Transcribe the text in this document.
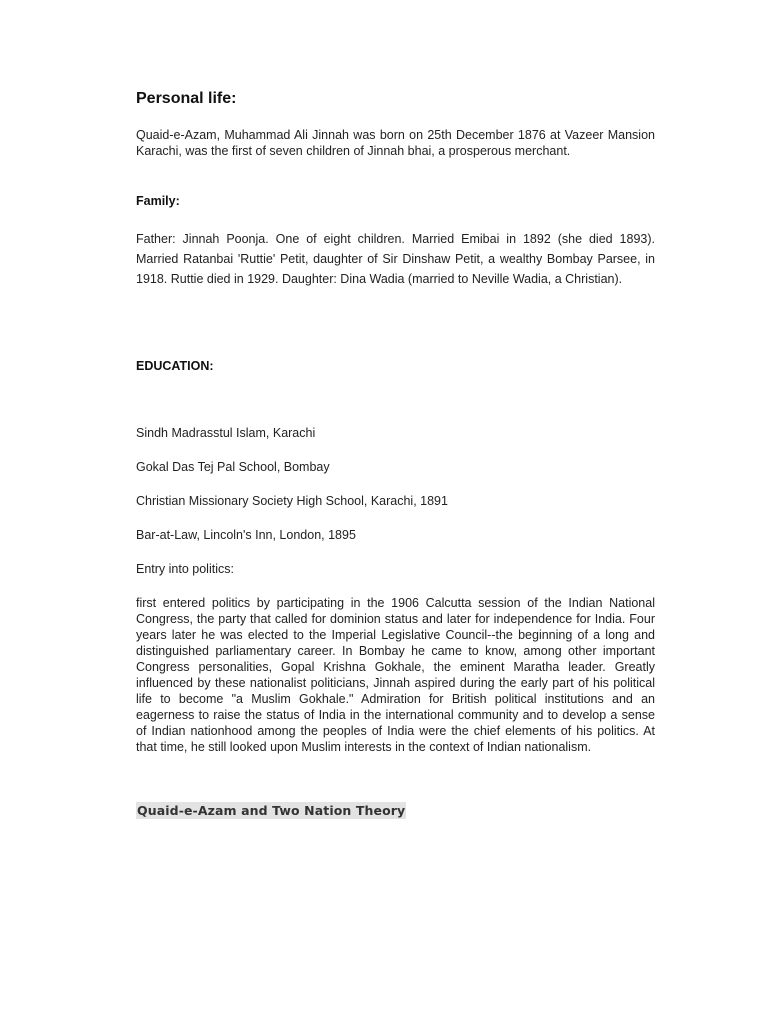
Personal life:

Quaid-e-Azam, Muhammad Ali Jinnah was born on 25th December 1876 at Vazeer Mansion Karachi, was the first of seven children of Jinnah bhai, a prosperous merchant.

Family:

Father: Jinnah Poonja. One of eight children. Married Emibai in 1892 (she died 1893). Married Ratanbai 'Ruttie' Petit, daughter of Sir Dinshaw Petit, a wealthy Bombay Parsee, in 1918. Ruttie died in 1929. Daughter: Dina Wadia (married to Neville Wadia, a Christian).

EDUCATION:

Sindh Madrasstul Islam, Karachi

Gokal Das Tej Pal School, Bombay

Christian Missionary Society High School, Karachi, 1891

Bar-at-Law, Lincoln's Inn, London, 1895

Entry into politics:

first entered politics by participating in the 1906 Calcutta session of the Indian National Congress, the party that called for dominion status and later for independence for India. Four years later he was elected to the Imperial Legislative Council--the beginning of a long and distinguished parliamentary career. In Bombay he came to know, among other important Congress personalities, Gopal Krishna Gokhale, the eminent Maratha leader. Greatly influenced by these nationalist politicians, Jinnah aspired during the early part of his political life to become "a Muslim Gokhale." Admiration for British political institutions and an eagerness to raise the status of India in the international community and to develop a sense of Indian nationhood among the peoples of India were the chief elements of his politics. At that time, he still looked upon Muslim interests in the context of Indian nationalism.

Quaid-e-Azam and Two Nation Theory
